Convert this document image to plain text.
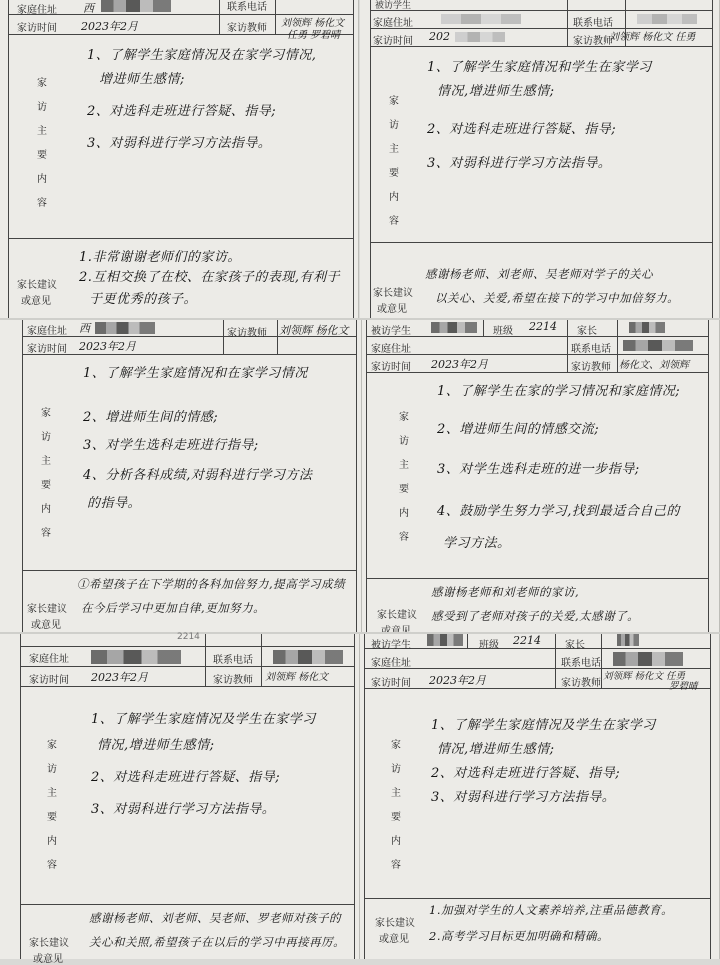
家庭住址 西	联系电话
家访时间 2023年2月	家访教师 刘领辉 杨化文
任勇 罗碧晴
家访主要内容
1、了解学生家庭情况及在家学习情况,
增进师生感情;
2、对选科走班进行答疑、指导;
3、对弱科进行学习方法指导。
家长建议
或意见
1.非常谢谢老师们的家访。
2.互相交换了在校、在家孩子的表现,有利于
于更优秀的孩子。
被访学生
家庭住址	联系电话
家访时间 202	家访教师
刘领辉 杨化文 任勇
家访主要内容
1、了解学生家庭情况和学生在家学习
情况,增进师生感情;
2、对选科走班进行答疑、指导;
3、对弱科进行学习方法指导。
家长建议
或意见
感谢杨老师、刘老师、吴老师对学子的关心
以关心、关爱,希望在接下的学习中加倍努力。
家庭住址 西	家访教师 刘领辉 杨化文
家访时间 2023年2月
家访主要内容
1、了解学生家庭情况和在家学习情况
2、增进师生间的情感;
3、对学生选科走班进行指导;
4、分析各科成绩,对弱科进行学习方法
的指导。
家长建议
或意见
①希望孩子在下学期的各科加倍努力,提高学习成绩
在今后学习中更加自律,更加努力。
被访学生	班级 2214 家长
家庭住址	联系电话
家访时间 2023年2月	家访教师 杨化文、刘领辉
家访主要内容
1、了解学生在家的学习情况和家庭情况;
2、增进师生间的情感交流;
3、对学生选科走班的进一步指导;
4、鼓励学生努力学习,找到最适合自己的
学习方法。
家长建议
感谢杨老师和刘老师的家访,
感受到了老师对孩子的关爱,太感谢了。
2214
家庭住址	联系电话
家访时间 2023年2月	家访教师 刘领辉 杨化文
家访主要内容
1、了解学生家庭情况及学生在家学习
情况,增进师生感情;
2、对选科走班进行答疑、指导;
3、对弱科进行学习方法指导。
家长建议
或意见
感谢杨老师、刘老师、吴老师、罗老师对孩子的
关心和关照,希望孩子在以后的学习中再接再厉。
被访学生	班级 2214 家长
家庭住址	联系电话
家访时间 2023年2月	家访教师
刘领辉 杨化文 任勇
罗碧晴
家访主要内容
1、了解学生家庭情况及学生在家学习
情况,增进师生感情;
2、对选科走班进行答疑、指导;
3、对弱科进行学习方法指导。
家长建议
或意见
1.加强对学生的人文素养培养,注重品德教育。
2.高考学习目标更加明确和精确。
